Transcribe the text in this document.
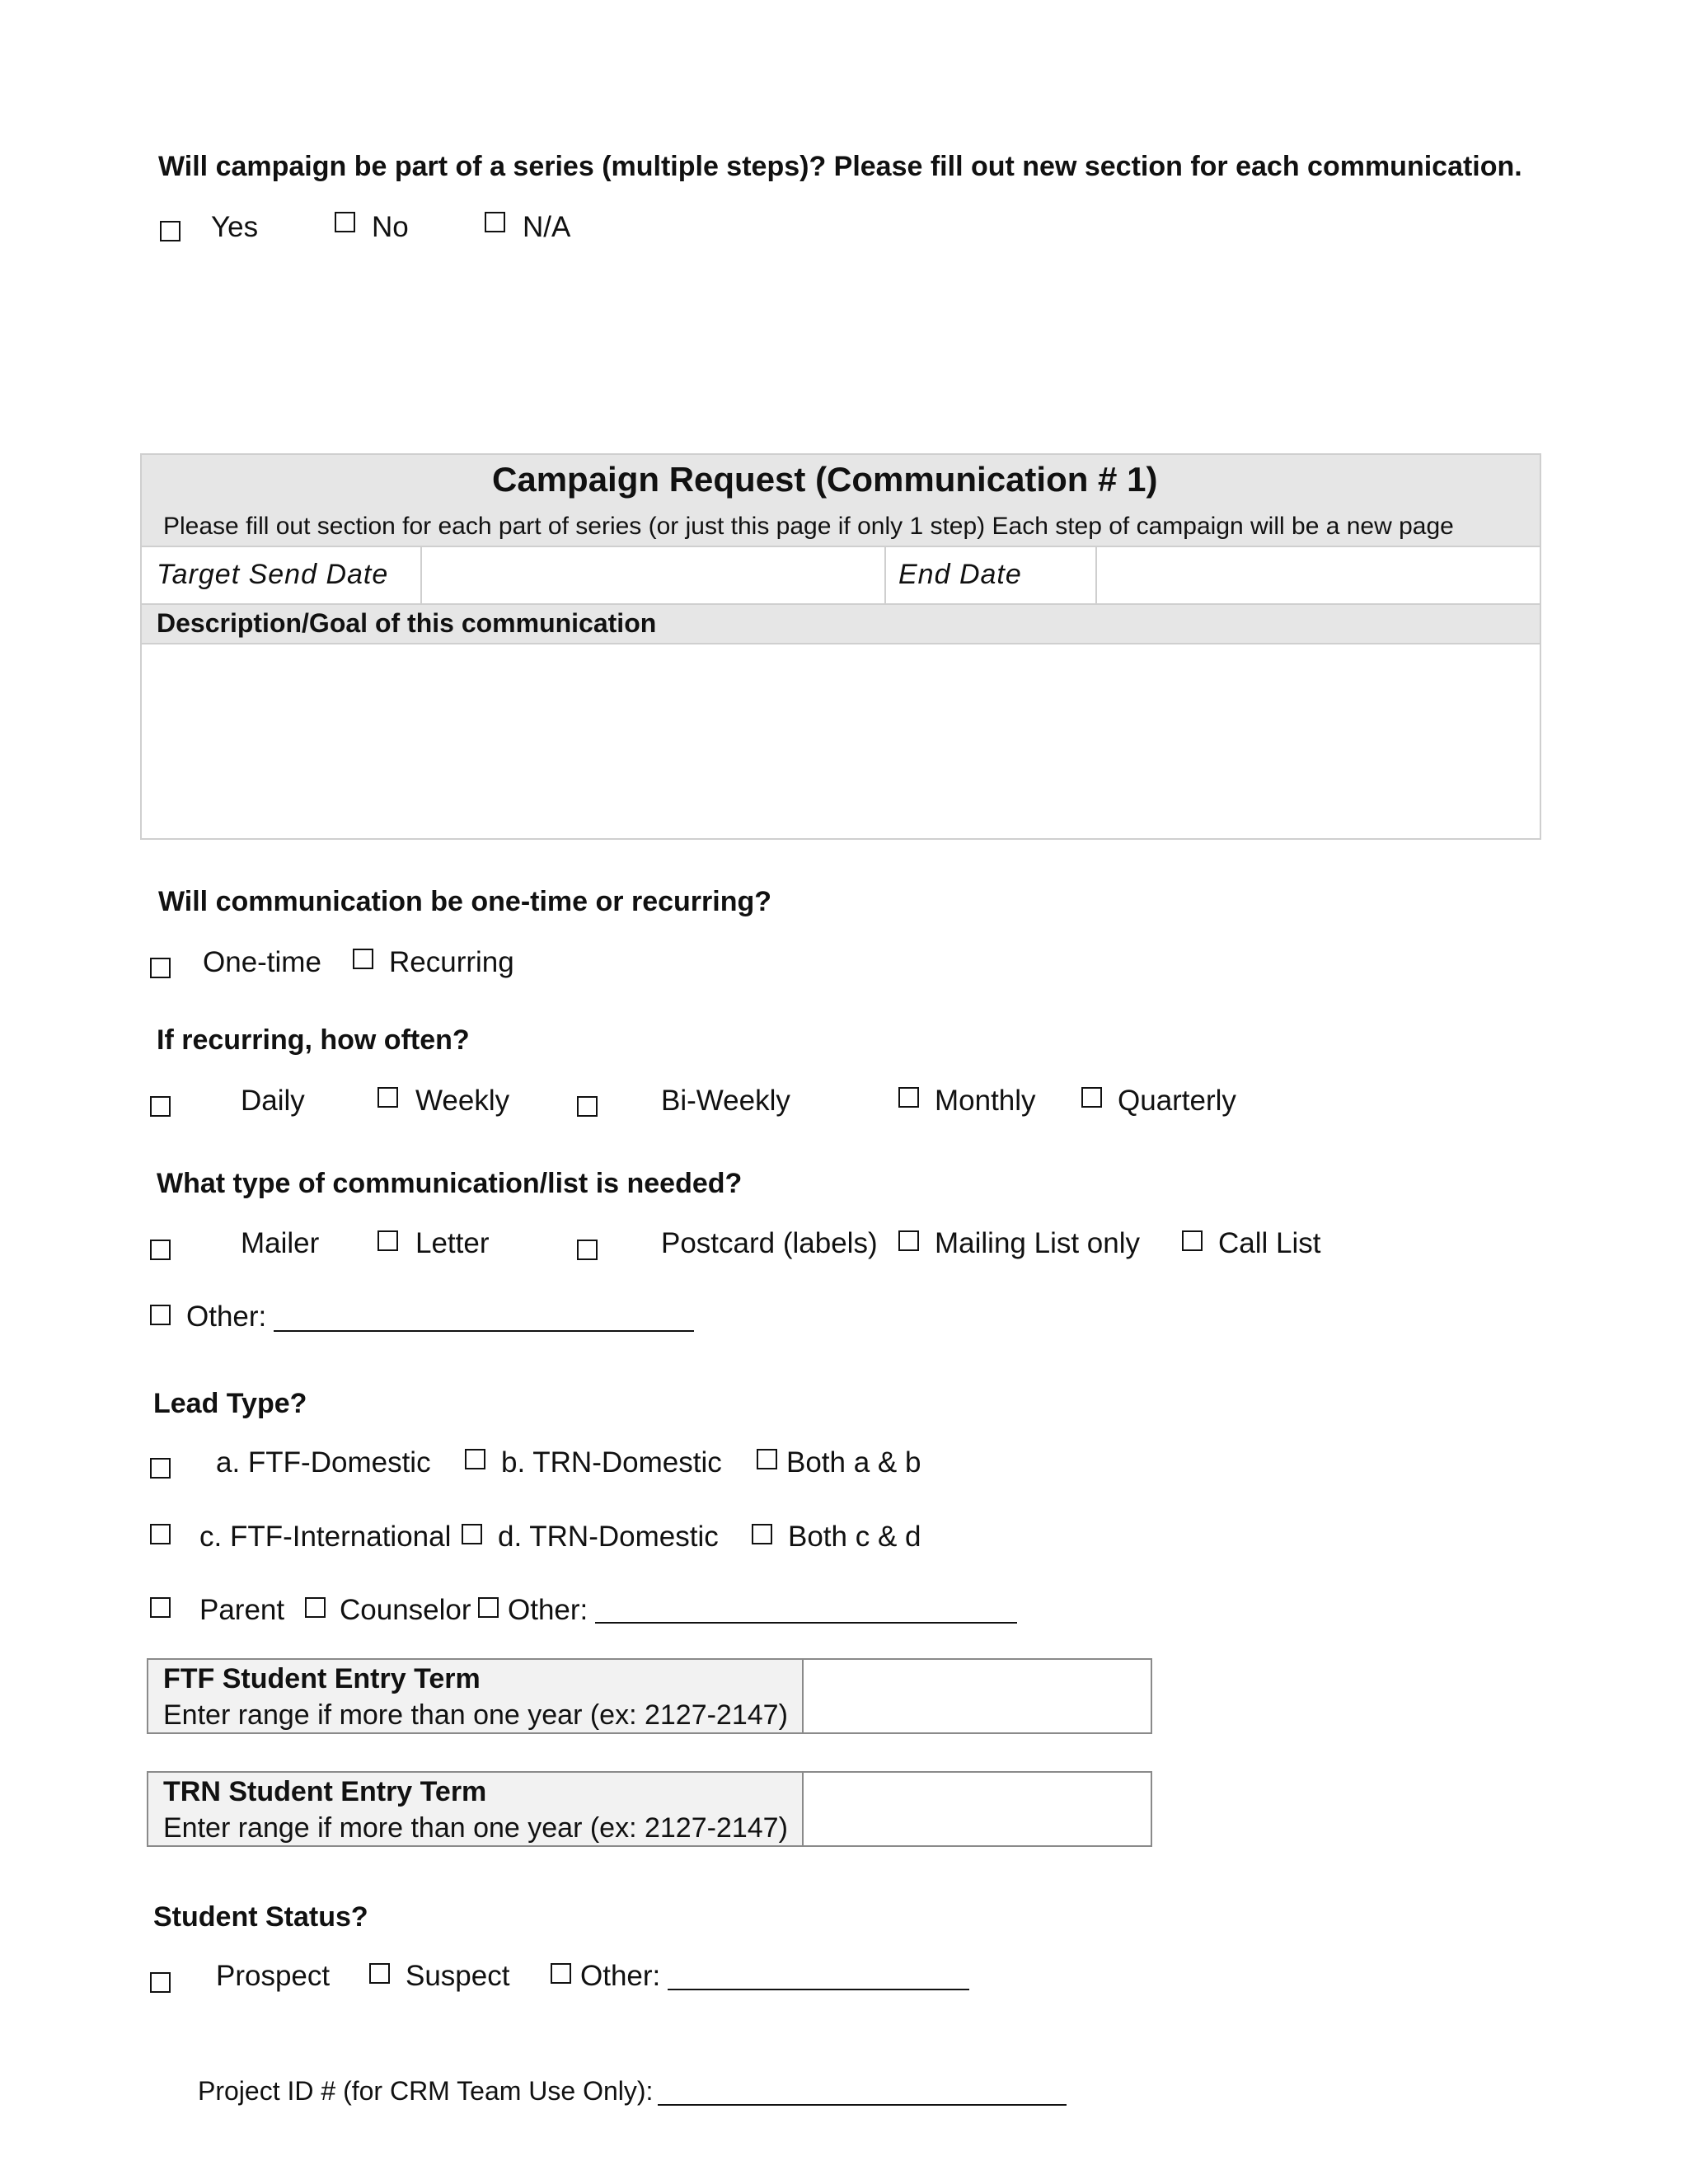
Will campaign be part of a series (multiple steps)? Please fill out new section for each communication.
Yes	No	N/A
Campaign Request (Communication # 1)
Please fill out section for each part of series (or just this page if only 1 step) Each step of campaign will be a new page
Target Send Date	End Date
Description/Goal of this communication
Will communication be one-time or recurring?
One-time Recurring
If recurring, how often?
Daily	Weekly	Bi-Weekly	Monthly	Quarterly
What type of communication/list is needed?
Mailer	Letter	Postcard (labels) Mailing List only	Call List
Other:
Lead Type?
a. FTF-Domestic b. TRN-Domestic Both a & b
c. FTF-International d. TRN-Domestic Both c & d
Parent Counselor Other:
FTF Student Entry Term
Enter range if more than one year (ex: 2127-2147)
TRN Student Entry Term
Enter range if more than one year (ex: 2127-2147)
Student Status?
Prospect	Suspect Other:
Project ID # (for CRM Team Use Only):
